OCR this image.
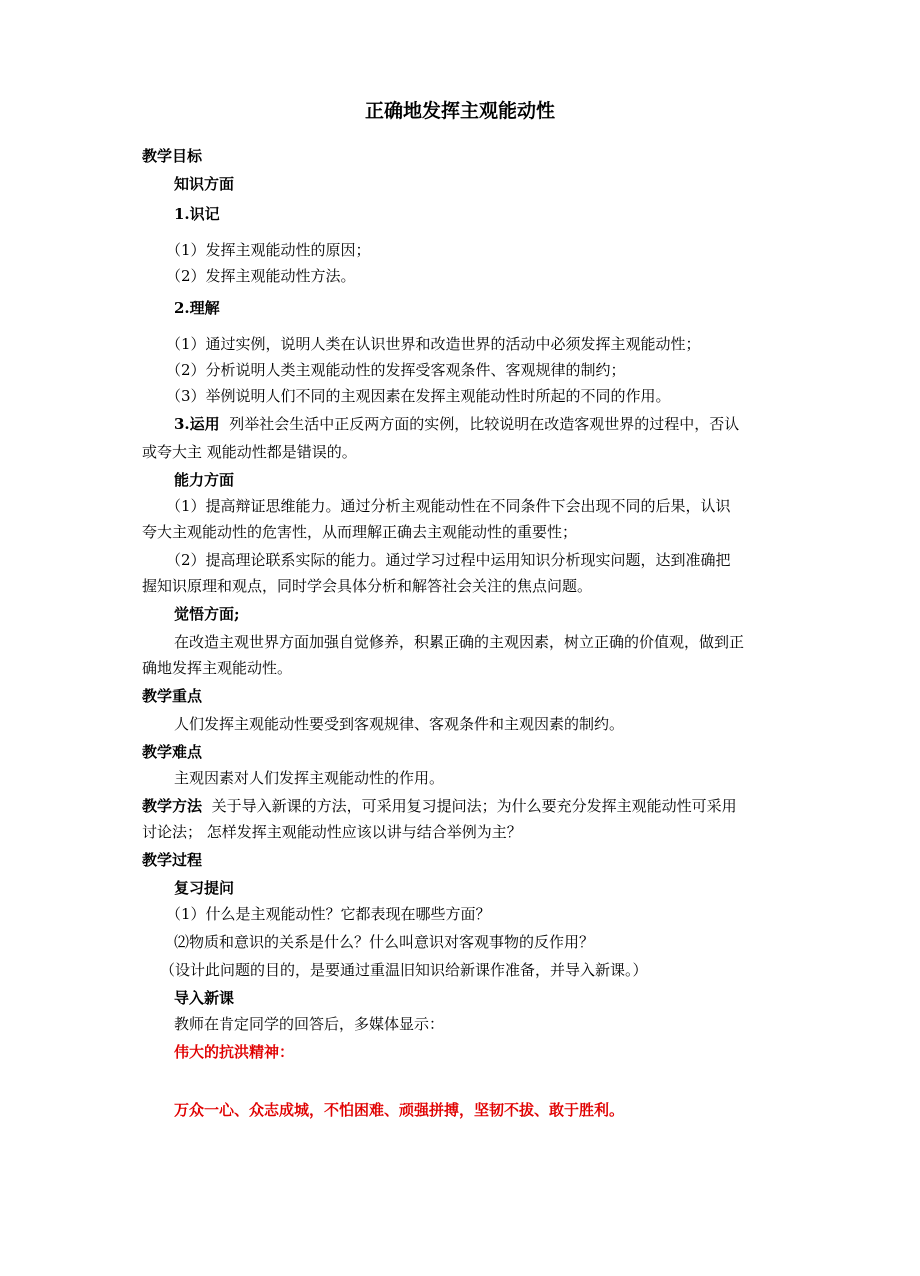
正确地发挥主观能动性
教学目标
知识方面
1.识记
（1）发挥主观能动性的原因；
（2）发挥主观能动性方法。
2.理解
（1）通过实例，说明人类在认识世界和改造世界的活动中必须发挥主观能动性；
（2）分析说明人类主观能动性的发挥受客观条件、客观规律的制约；
（3）举例说明人们不同的主观因素在发挥主观能动性时所起的不同的作用。
3.运用 列举社会生活中正反两方面的实例，比较说明在改造客观世界的过程中，否认
或夸大主 观能动性都是错误的。
能力方面
（1）提高辩证思维能力。通过分析主观能动性在不同条件下会出现不同的后果，认识
夸大主观能动性的危害性，从而理解正确去主观能动性的重要性；
（2）提高理论联系实际的能力。通过学习过程中运用知识分析现实问题，达到准确把
握知识原理和观点，同时学会具体分析和解答社会关注的焦点问题。
觉悟方面;
在改造主观世界方面加强自觉修养，积累正确的主观因素，树立正确的价值观，做到正
确地发挥主观能动性。
教学重点
人们发挥主观能动性要受到客观规律、客观条件和主观因素的制约。
教学难点
主观因素对人们发挥主观能动性的作用。
教学方法 关于导入新课的方法，可采用复习提问法；为什么要充分发挥主观能动性可采用
讨论法； 怎样发挥主观能动性应该以讲与结合举例为主？
教学过程
复习提问
（1）什么是主观能动性？它都表现在哪些方面？
⑵物质和意识的关系是什么？什么叫意识对客观事物的反作用？
（设计此问题的目的，是要通过重温旧知识给新课作准备，并导入新课。）
导入新课
教师在肯定同学的回答后，多媒体显示：
伟大的抗洪精神：
万众一心、众志成城，不怕困难、顽强拼搏，坚韧不拔、敢于胜利。
